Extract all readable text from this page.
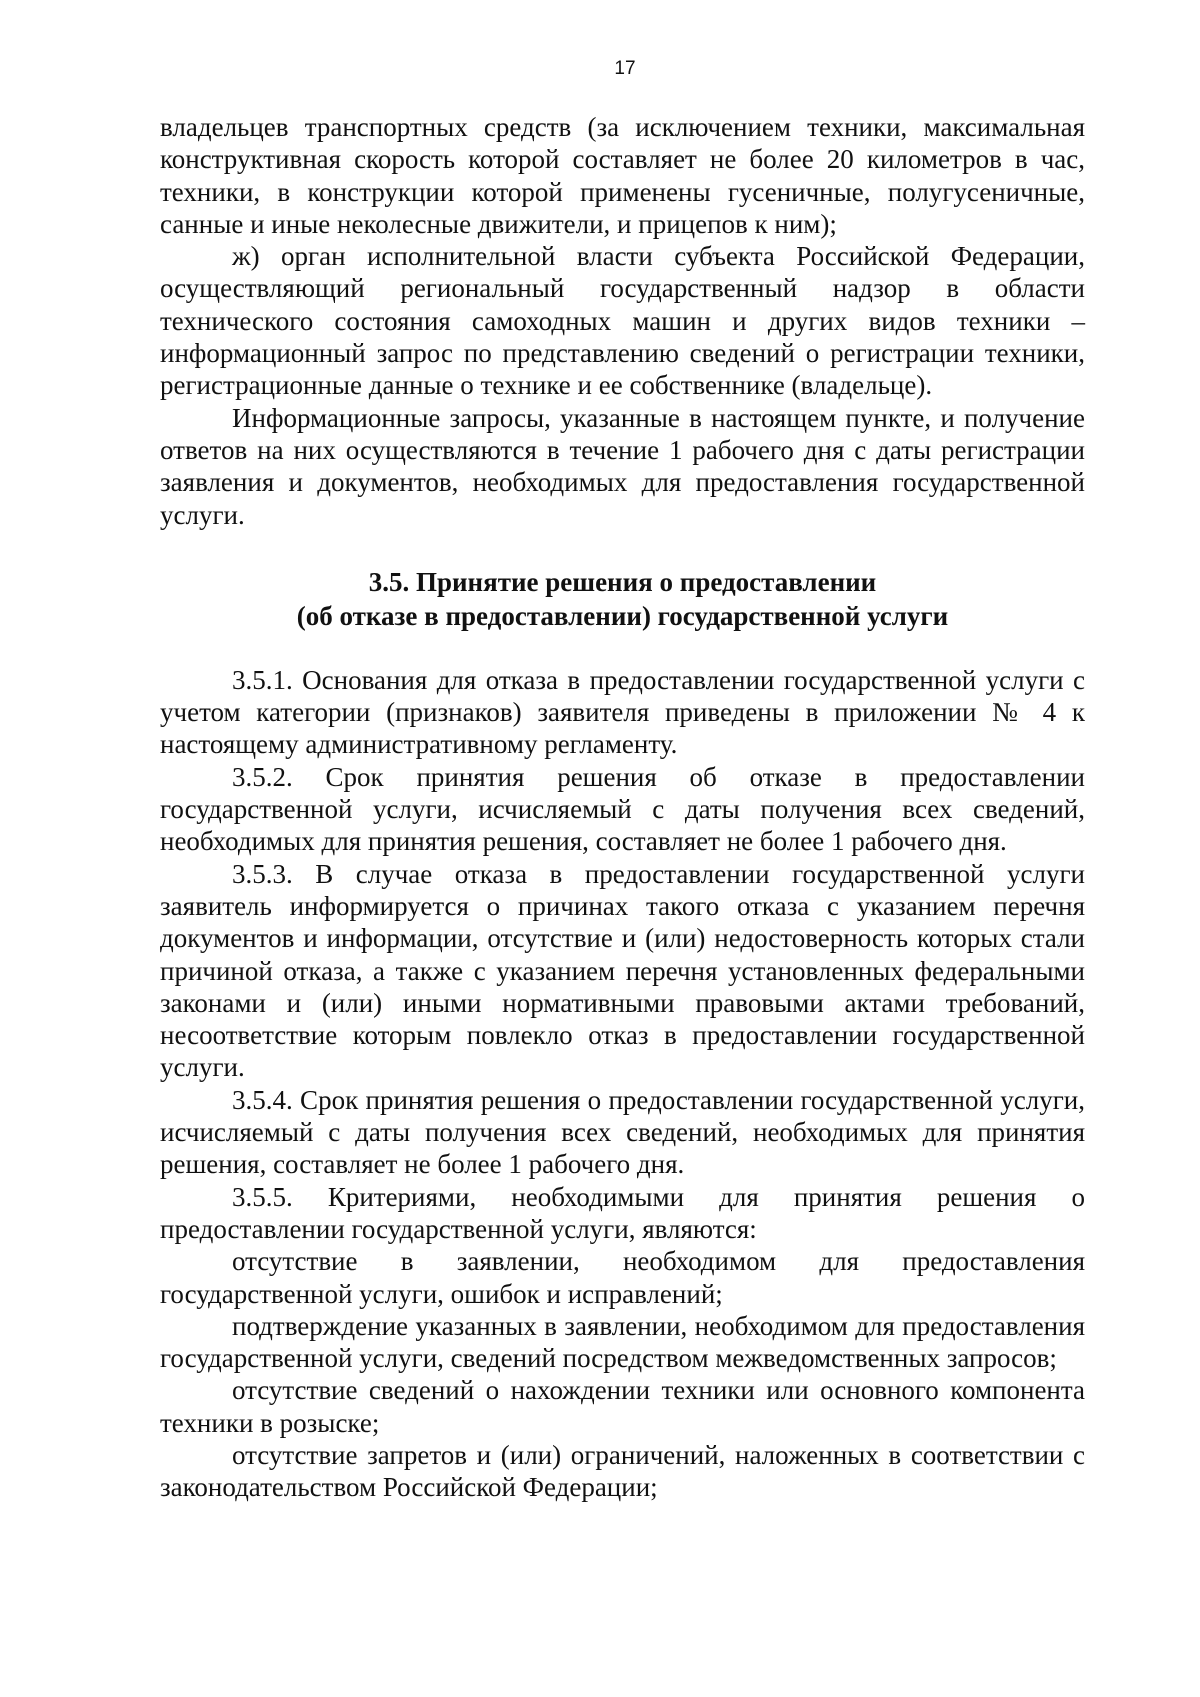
17

владельцев транспортных средств (за исключением техники, максимальная конструктивная скорость которой составляет не более 20 километров в час, техники, в конструкции которой применены гусеничные, полугусеничные, санные и иные неколесные движители, и прицепов к ним);

ж) орган исполнительной власти субъекта Российской Федерации, осуществляющий региональный государственный надзор в области технического состояния самоходных машин и других видов техники – информационный запрос по представлению сведений о регистрации техники, регистрационные данные о технике и ее собственнике (владельце).

Информационные запросы, указанные в настоящем пункте, и получение ответов на них осуществляются в течение 1 рабочего дня с даты регистрации заявления и документов, необходимых для предоставления государственной услуги.

3.5. Принятие решения о предоставлении
(об отказе в предоставлении) государственной услуги

3.5.1. Основания для отказа в предоставлении государственной услуги с учетом категории (признаков) заявителя приведены в приложении № 4 к настоящему административному регламенту.

3.5.2. Срок принятия решения об отказе в предоставлении государственной услуги, исчисляемый с даты получения всех сведений, необходимых для принятия решения, составляет не более 1 рабочего дня.

3.5.3. В случае отказа в предоставлении государственной услуги заявитель информируется о причинах такого отказа с указанием перечня документов и информации, отсутствие и (или) недостоверность которых стали причиной отказа, а также с указанием перечня установленных федеральными законами и (или) иными нормативными правовыми актами требований, несоответствие которым повлекло отказ в предоставлении государственной услуги.

3.5.4. Срок принятия решения о предоставлении государственной услуги, исчисляемый с даты получения всех сведений, необходимых для принятия решения, составляет не более 1 рабочего дня.

3.5.5. Критериями, необходимыми для принятия решения о предоставлении государственной услуги, являются:

отсутствие в заявлении, необходимом для предоставления государственной услуги, ошибок и исправлений;

подтверждение указанных в заявлении, необходимом для предоставления государственной услуги, сведений посредством межведомственных запросов;

отсутствие сведений о нахождении техники или основного компонента техники в розыске;

отсутствие запретов и (или) ограничений, наложенных в соответствии с законодательством Российской Федерации;
